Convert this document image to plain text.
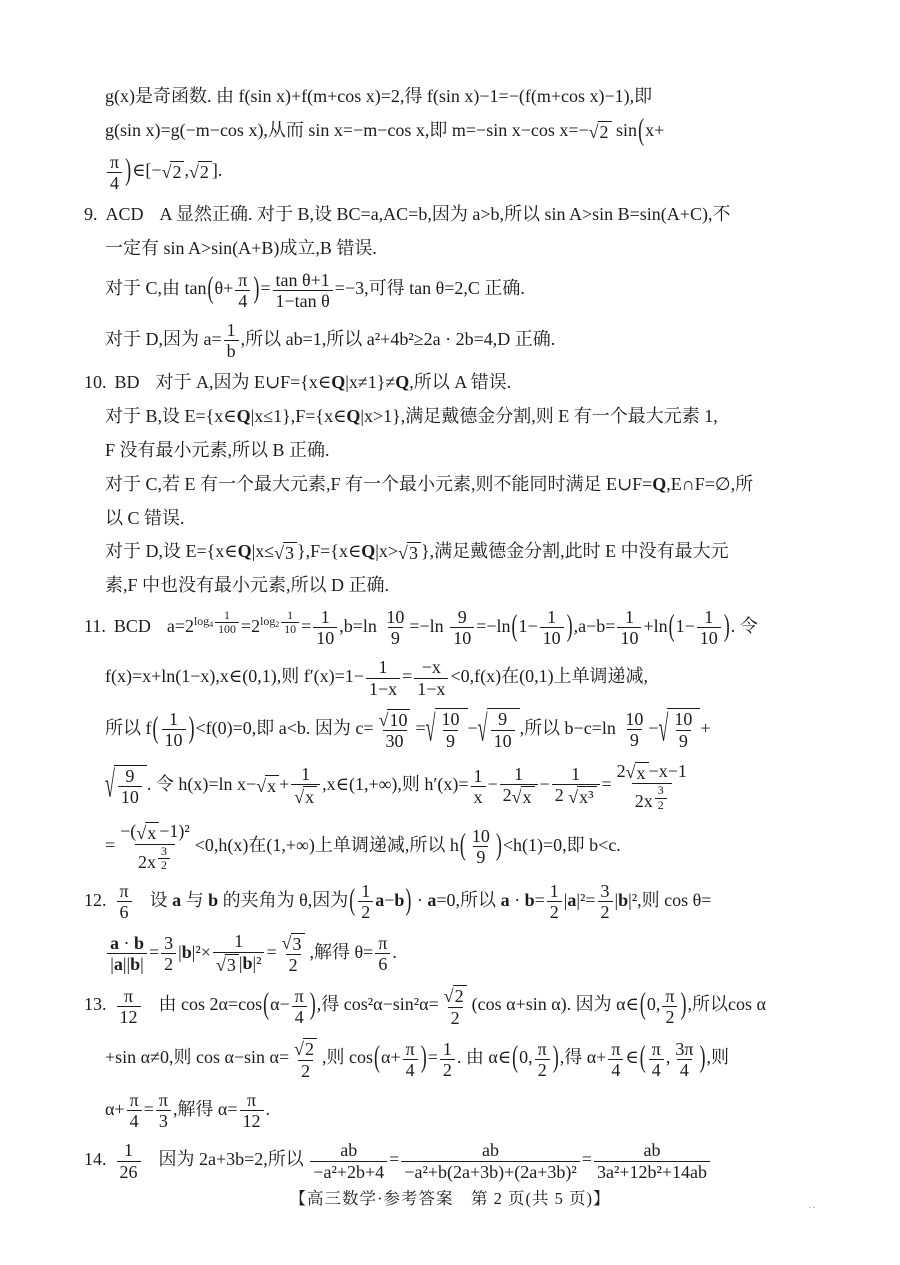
g(x)是奇函数. 由 f(sin x)+f(m+cos x)=2,得 f(sin x)−1=−(f(m+cos x)−1),即
g(sin x)=g(−m−cos x),从而 sin x=−m−cos x,即 m=−sin x−cos x=− √ 2 sin(x+
$\frac{\pi}{4}$ )∈[− √ 2 , √ 2 ].
9. ACD A 显然正确. 对于 B,设 BC=a,AC=b,因为 a>b,所以 sin A>sin B=sin(A+C),不
一定有 sin A>sin(A+B)成立,B 错误.
对于 C,由 $\tan(\theta+ \frac{\pi}{4}$ )= $\frac{\text{tan θ+1}}{\text{1−tan θ}} =-3$,可得 tan θ=2,C 正确.
对于 D,因为 $a= \frac{1}{b}$ ,所以 ab=1,所以 a²+4b²≥2a · 2b=4,D 正确.
10. BD 对于 A,因为 E∪F={x∈Q|x≠1}≠Q,所以 A 错误.
对于 B,设 E={x∈Q|x≤1},F={x∈Q|x>1},满足戴德金分割,则 E 有一个最大元素 1,
F 没有最小元素,所以 B 正确.
对于 C,若 E 有一个最大元素,F 有一个最小元素,则不能同时满足 E∪F=Q,E∩F=∅,所
以 C 错误.
对于 D,设 E={x∈Q|x≤ √ 3 },F={x∈Q|x> √ 3 },满足戴德金分割,此时 E 中没有最大元
素,F 中也没有最小元素,所以 D 正确.
11. BCD $a=2^{log_4 \frac{1}{100}} =2^{log_2 \frac{1}{10}} = \frac{1}{10} ,b=\ln \frac{10}{9} =-\ln \frac{9}{10} =-\ln(1- \frac{1}{10} ),a-b= \frac{1}{10} +\ln(1- \frac{1}{10}$ ). 令
f(x)=x+ln(1−x),x∈(0,1),则 $f'(x)=1- \frac{1}{1-x} = \frac{-x}{1-x} <0,f(x)$在(0,1)上单调递减,
所以 $f( \frac{1}{10} )<f(0)=0$,即 a<b. 因为 $c= \frac{√ 10}{30}$ = √ $\frac{10}{9}$ − √ $\frac{9}{10}$ ,所以 $b-c=\ln \frac{10}{9}$ − √ $\frac{10}{9}$ +
√ $\frac{9}{10}$ . 令 h(x)=ln x− √ $x + \frac{1}{√ x}$ ,x∈(1,+∞),则 $h'(x)= \frac{1}{x} - \frac{1}{2 √ x} - \frac{1}{\text{2 √ x³}} = 2$ √ x −x−1
2x $^{\frac{3}{2}}$
= −( √ x −1)²
2x $^{\frac{3}{2}}$ <0,h(x)在(1,+∞)上单调递减,所以 $h( \frac{10}{9} )<h(1)=0$,即 b<c.
12. $\frac{\pi}{6}$ 设 a 与 b 的夹角为 θ,因为( $\frac{1}{2} a-b) \cdot a=0$,所以 $a \cdot b= \frac{1}{2} |a|^2= \frac{3}{2} |b|^2$,则 cos θ=
$\frac{a \cdot b}{|a||b|} = \frac{3}{2} |b|^2\times \frac{1}{\text{√ 3 |b|²}} = \frac{√ 3}{2}$ ,解得 $\theta= \frac{\pi}{6}$ .
13. $\frac{\pi}{12}$ 由 $\cos 2\alpha=\cos(\alpha- \frac{\pi}{4}$ ),得 $\cos^2\alpha-\sin^2\alpha= \frac{√ 2}{2} (\cos$ α+sin α). 因为 α∈(0, $\frac{\pi}{2}$ ),所以cos α
+sin α≠0,则 cos α−sin $\alpha= \frac{√ 2}{2}$ ,则 $\cos(\alpha+ \frac{\pi}{4}$ )= $\frac{1}{2}$ . 由 α∈(0, $\frac{\pi}{2}$ ),得 $\alpha+ \frac{\pi}{4}$ ∈( $\frac{\pi}{4}$ , $\frac{3\pi}{4}$ ),则
$\alpha+ \frac{\pi}{4} = \frac{\pi}{3}$ ,解得 $\alpha= \frac{\pi}{12}$ .
14. $\frac{1}{26}$ 因为 2a+3b=2,所以 $\frac{ab}{\text{−a²+2b+4}} = \frac{ab}{\text{−a²+b(2a+3b)+(2a+3b)²}} = \frac{ab}{\text{3a²+12b²+14ab}}$
【高三数学·参考答案　第 2 页(共 5 页)】	..
